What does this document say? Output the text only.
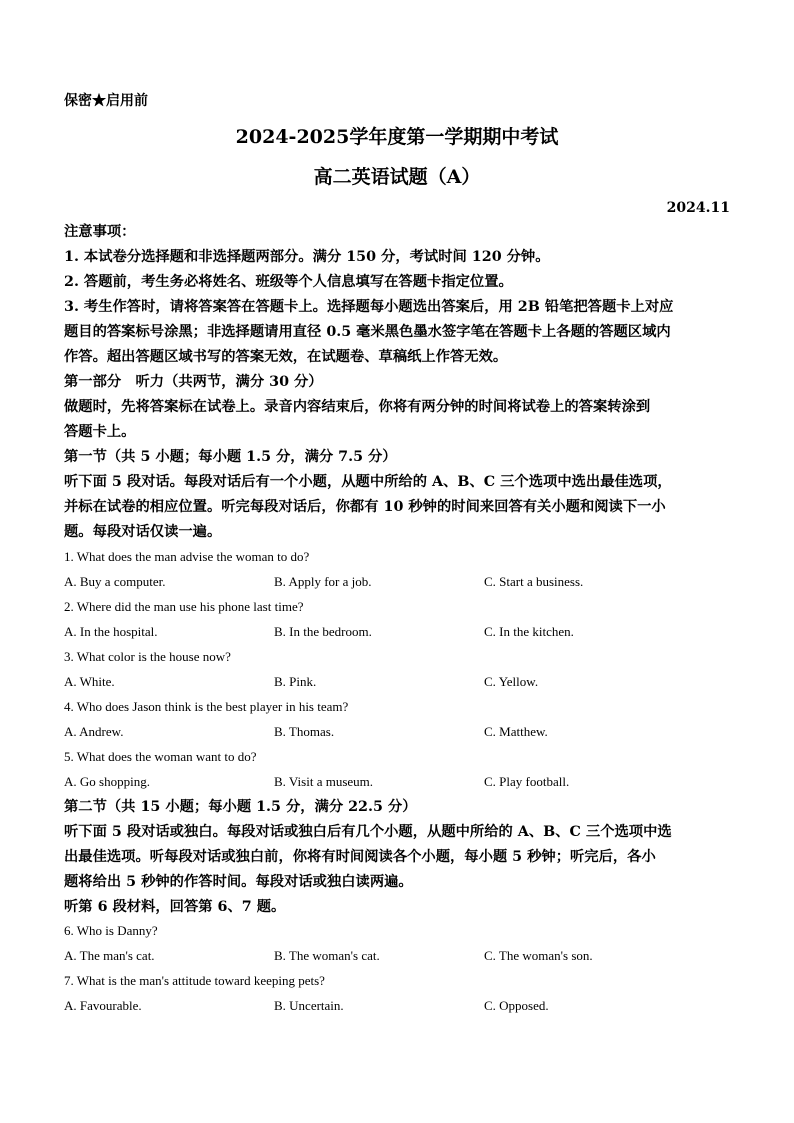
保密★启用前
2024-2025学年度第一学期期中考试
高二英语试题（A）
2024.11
注意事项：
1. 本试卷分选择题和非选择题两部分。满分 150 分，考试时间 120 分钟。
2. 答题前，考生务必将姓名、班级等个人信息填写在答题卡指定位置。
3. 考生作答时，请将答案答在答题卡上。选择题每小题选出答案后，用 2B 铅笔把答题卡上对应
题目的答案标号涂黑；非选择题请用直径 0.5 毫米黑色墨水签字笔在答题卡上各题的答题区域内
作答。超出答题区域书写的答案无效，在试题卷、草稿纸上作答无效。
第一部分　听力（共两节，满分 30 分）
做题时，先将答案标在试卷上。录音内容结束后，你将有两分钟的时间将试卷上的答案转涂到
答题卡上。
第一节（共 5 小题；每小题 1.5 分，满分 7.5 分）
听下面 5 段对话。每段对话后有一个小题，从题中所给的 A、B、C 三个选项中选出最佳选项，
并标在试卷的相应位置。听完每段对话后，你都有 10 秒钟的时间来回答有关小题和阅读下一小
题。每段对话仅读一遍。
1. What does the man advise the woman to do?
A. Buy a computer.	B. Apply for a job.	C. Start a business.
2. Where did the man use his phone last time?
A. In the hospital.	B. In the bedroom.	C. In the kitchen.
3. What color is the house now?
A. White.	B. Pink.	C. Yellow.
4. Who does Jason think is the best player in his team?
A. Andrew.	B. Thomas.	C. Matthew.
5. What does the woman want to do?
A. Go shopping.	B. Visit a museum.	C. Play football.
第二节（共 15 小题；每小题 1.5 分，满分 22.5 分）
听下面 5 段对话或独白。每段对话或独白后有几个小题，从题中所给的 A、B、C 三个选项中选
出最佳选项。听每段对话或独白前，你将有时间阅读各个小题，每小题 5 秒钟；听完后，各小
题将给出 5 秒钟的作答时间。每段对话或独白读两遍。
听第 6 段材料，回答第 6、7 题。
6. Who is Danny?
A. The man's cat.	B. The woman's cat.	C. The woman's son.
7. What is the man's attitude toward keeping pets?
A. Favourable.	B. Uncertain.	C. Opposed.
